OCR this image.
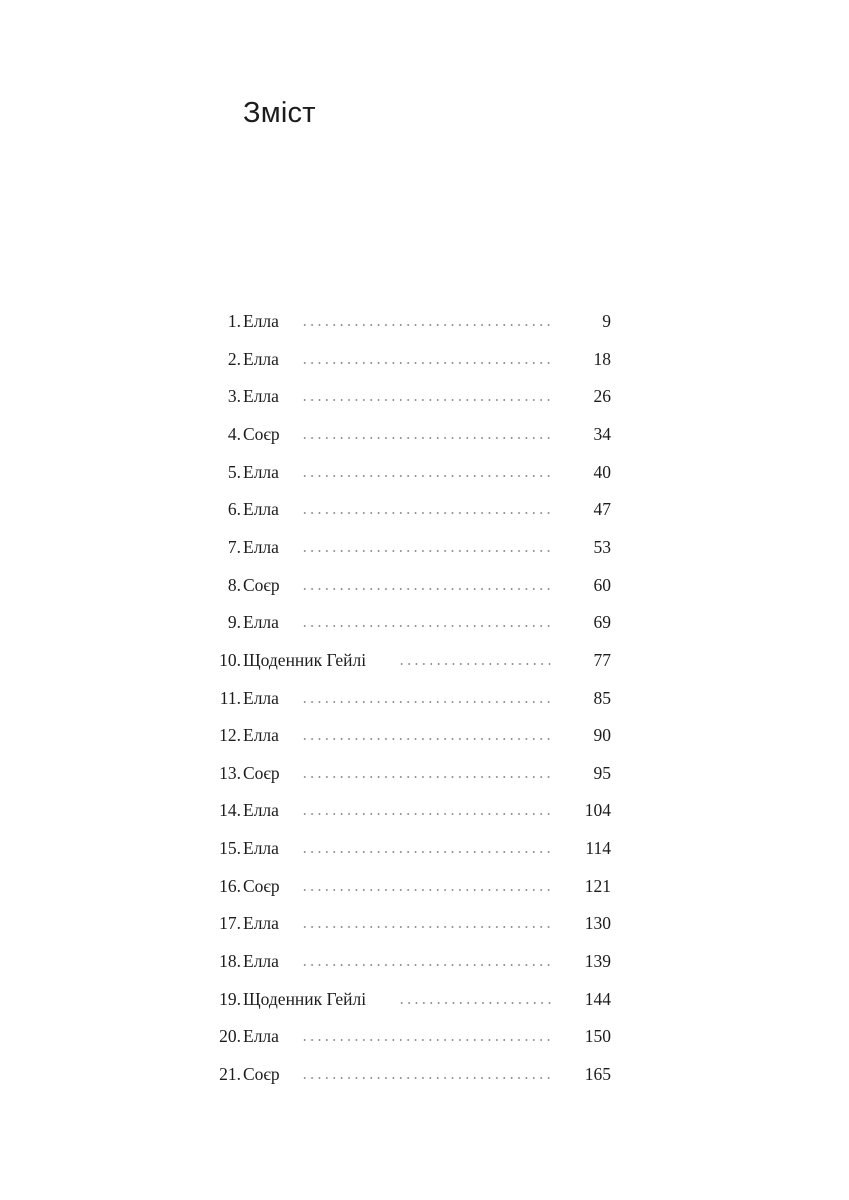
Зміст
1. Елла	9
2. Елла	18
3. Елла	26
4. Соєр	34
5. Елла	40
6. Елла	47
7. Елла	53
8. Соєр	60
9. Елла	69
10. Щоденник Гейлі	77
11. Елла	85
12. Елла	90
13. Соєр	95
14. Елла	104
15. Елла	114
16. Соєр	121
17. Елла	130
18. Елла	139
19. Щоденник Гейлі	144
20. Елла	150
21. Соєр	165
